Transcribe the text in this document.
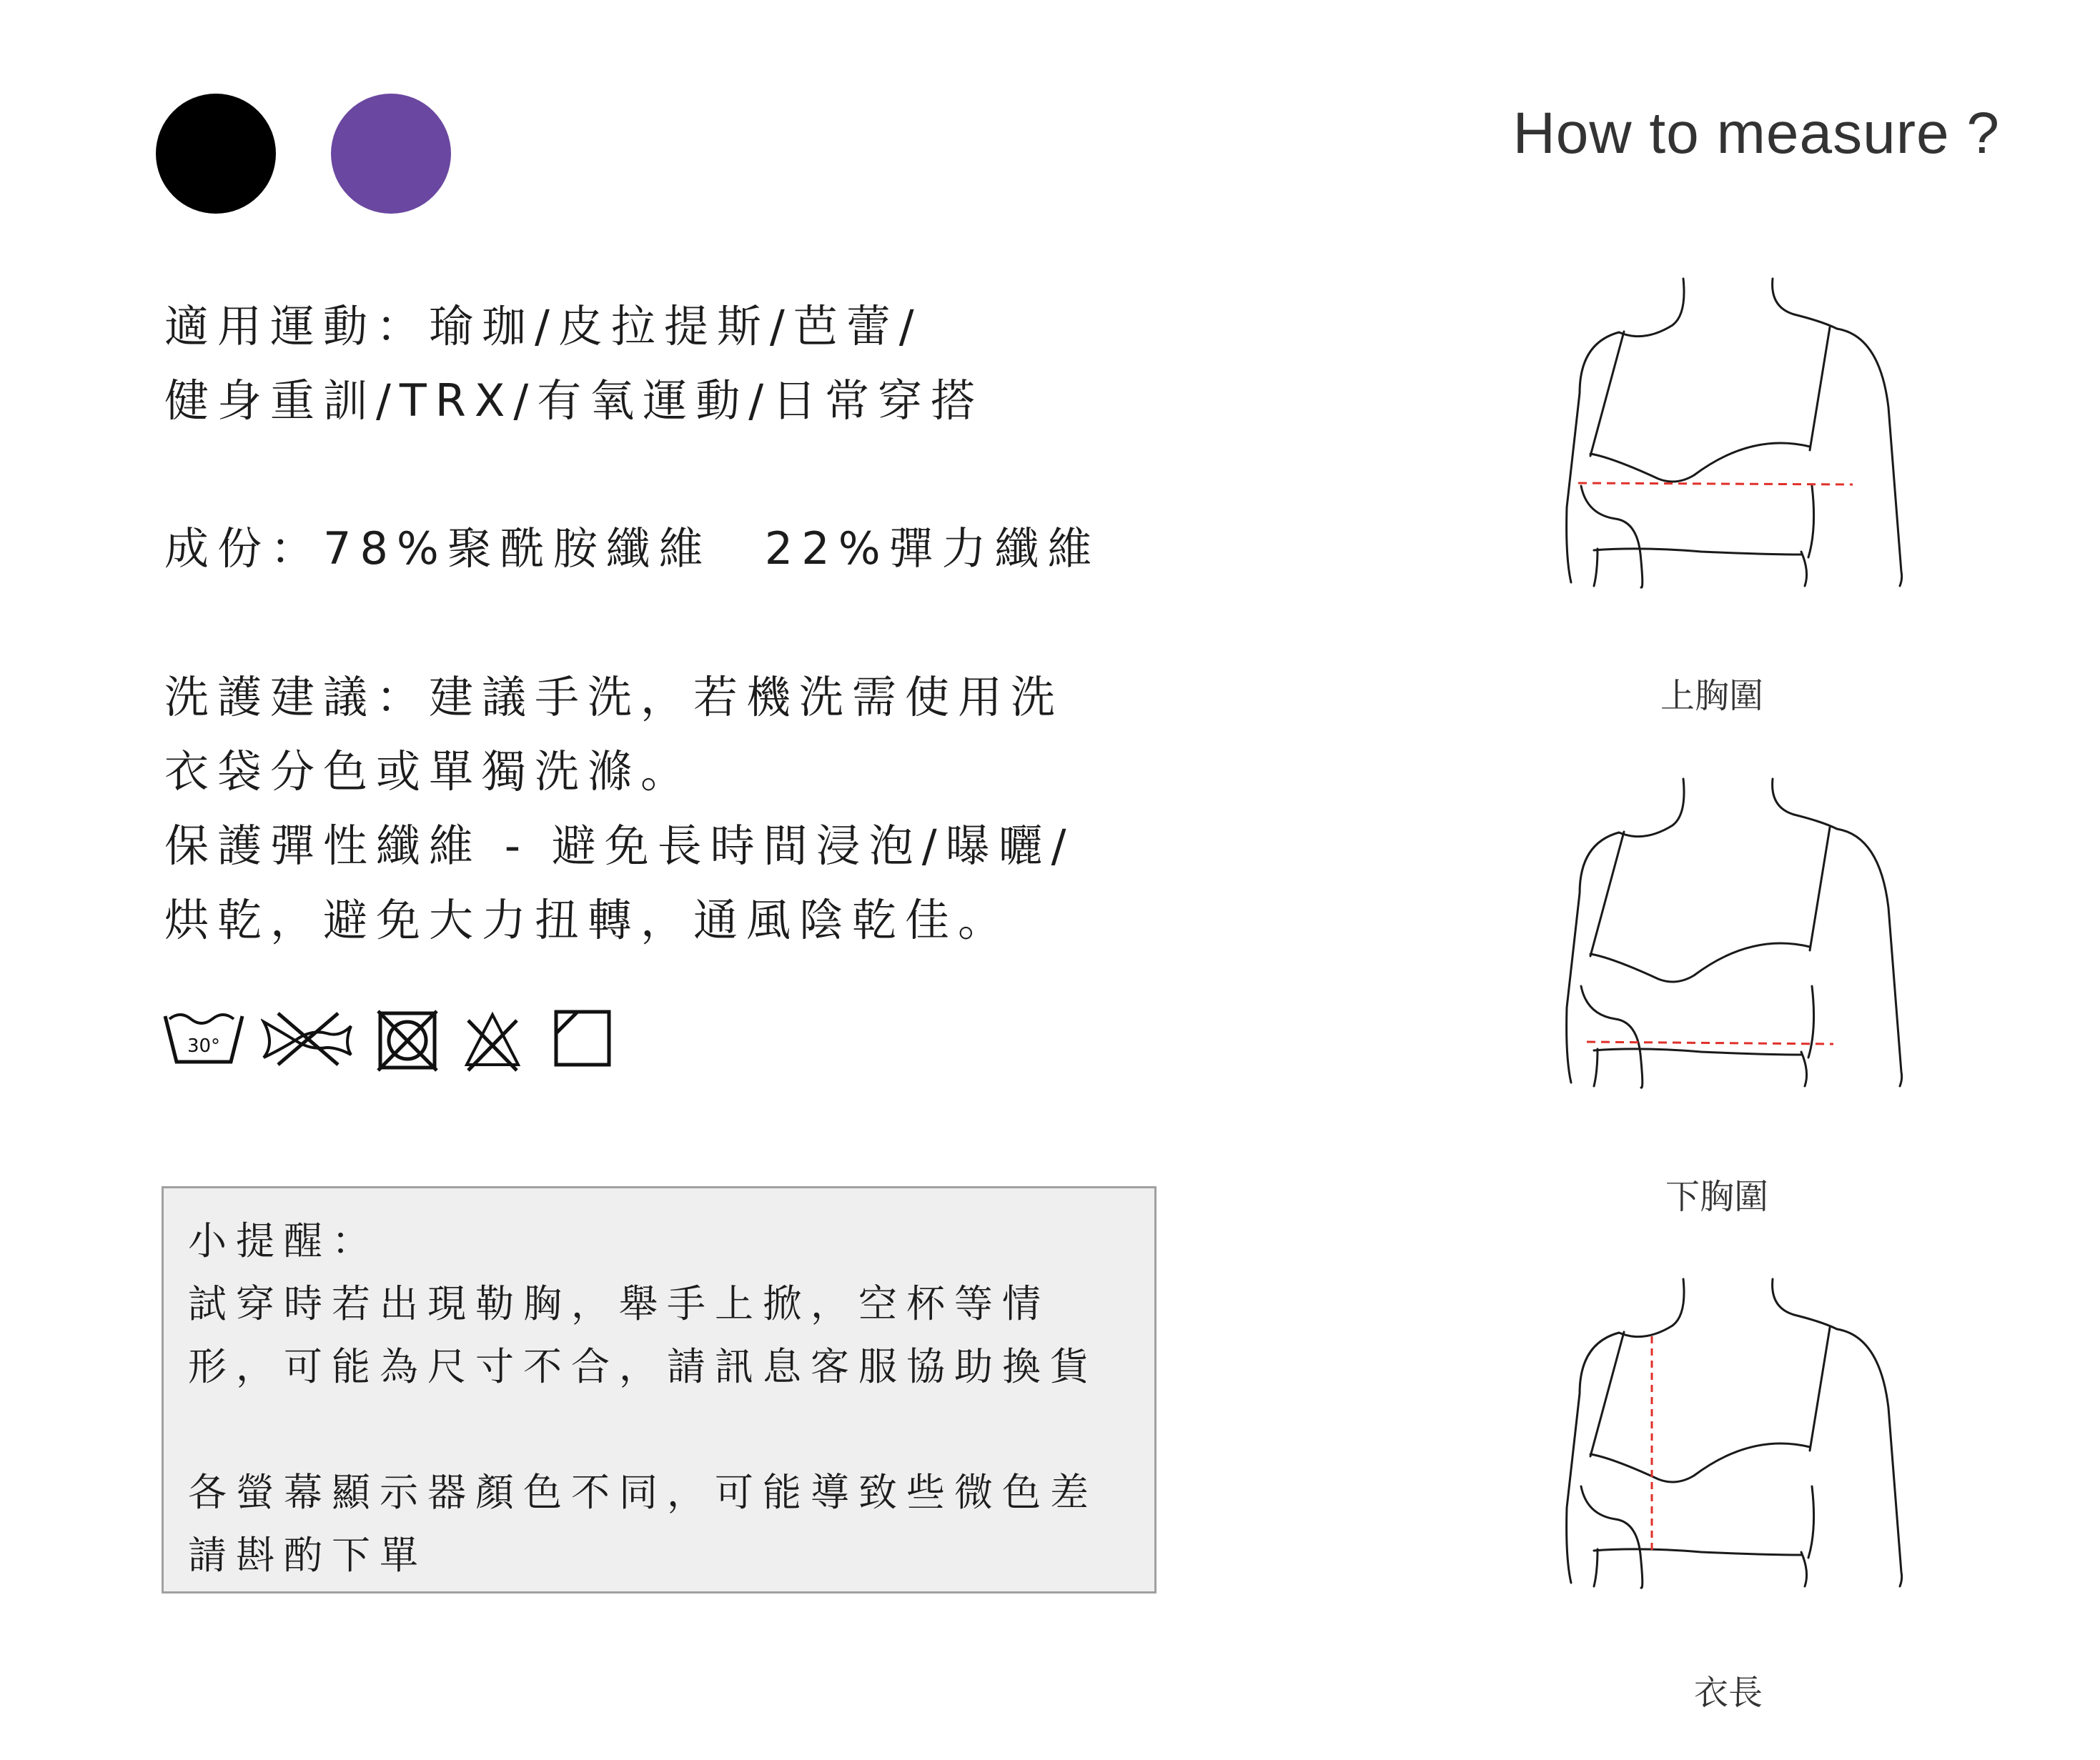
適用運動：瑜珈/皮拉提斯/芭蕾/
健身重訓/TRX/有氧運動/日常穿搭
成份：78%聚酰胺纖維　22%彈力纖維
洗護建議：建議手洗，若機洗需使用洗
衣袋分色或單獨洗滌。
保護彈性纖維 - 避免長時間浸泡/曝曬/
烘乾，避免大力扭轉，通風陰乾佳。
30°
小提醒：
試穿時若出現勒胸，舉手上掀，空杯等情
形，可能為尺寸不合，請訊息客服協助換貨
各螢幕顯示器顏色不同，可能導致些微色差
請斟酌下單
How to measure ?
上胸圍
下胸圍
衣長
